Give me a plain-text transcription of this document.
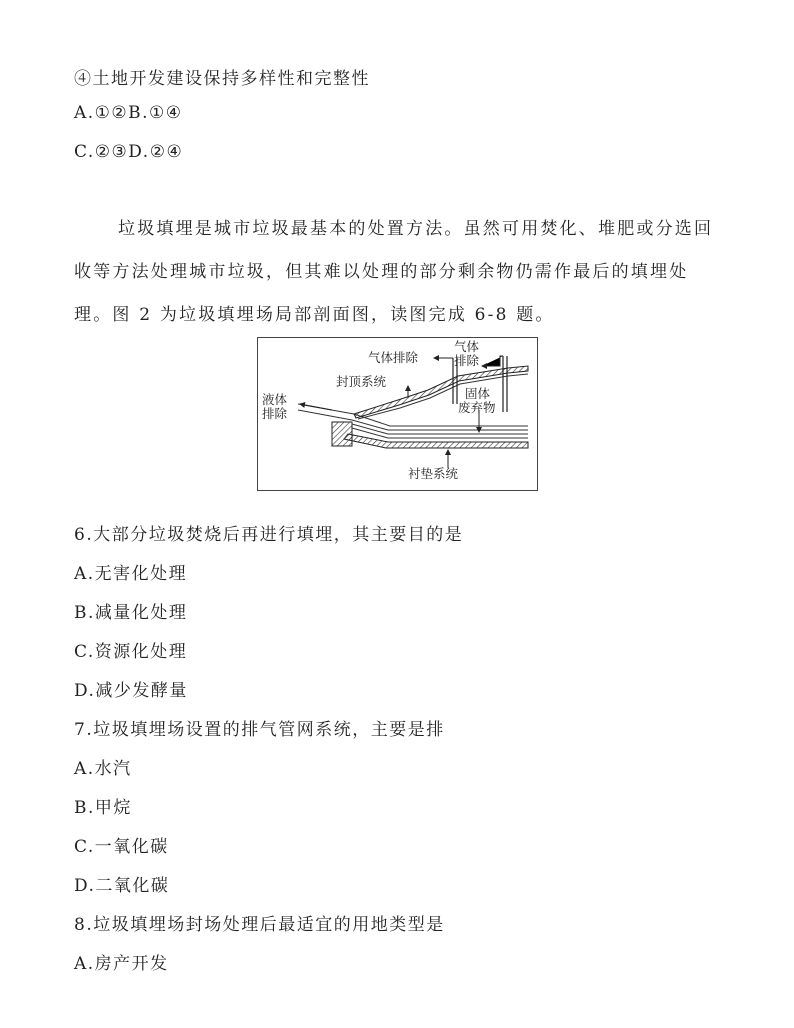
④土地开发建设保持多样性和完整性
A.①②B.①④
C.②③D.②④
垃圾填埋是城市垃圾最基本的处置方法。虽然可用焚化、堆肥或分选回收等方法处理城市垃圾，但其难以处理的部分剩余物仍需作最后的填埋处理。图 2 为垃圾填埋场局部剖面图，读图完成 6-8 题。
气体排除
气体
排除
封顶系统
液体
排除
固体
废弃物
衬垫系统
6.大部分垃圾焚烧后再进行填埋，其主要目的是
A.无害化处理
B.减量化处理
C.资源化处理
D.减少发酵量
7.垃圾填埋场设置的排气管网系统，主要是排
A.水汽
B.甲烷
C.一氧化碳
D.二氧化碳
8.垃圾填埋场封场处理后最适宜的用地类型是
A.房产开发
